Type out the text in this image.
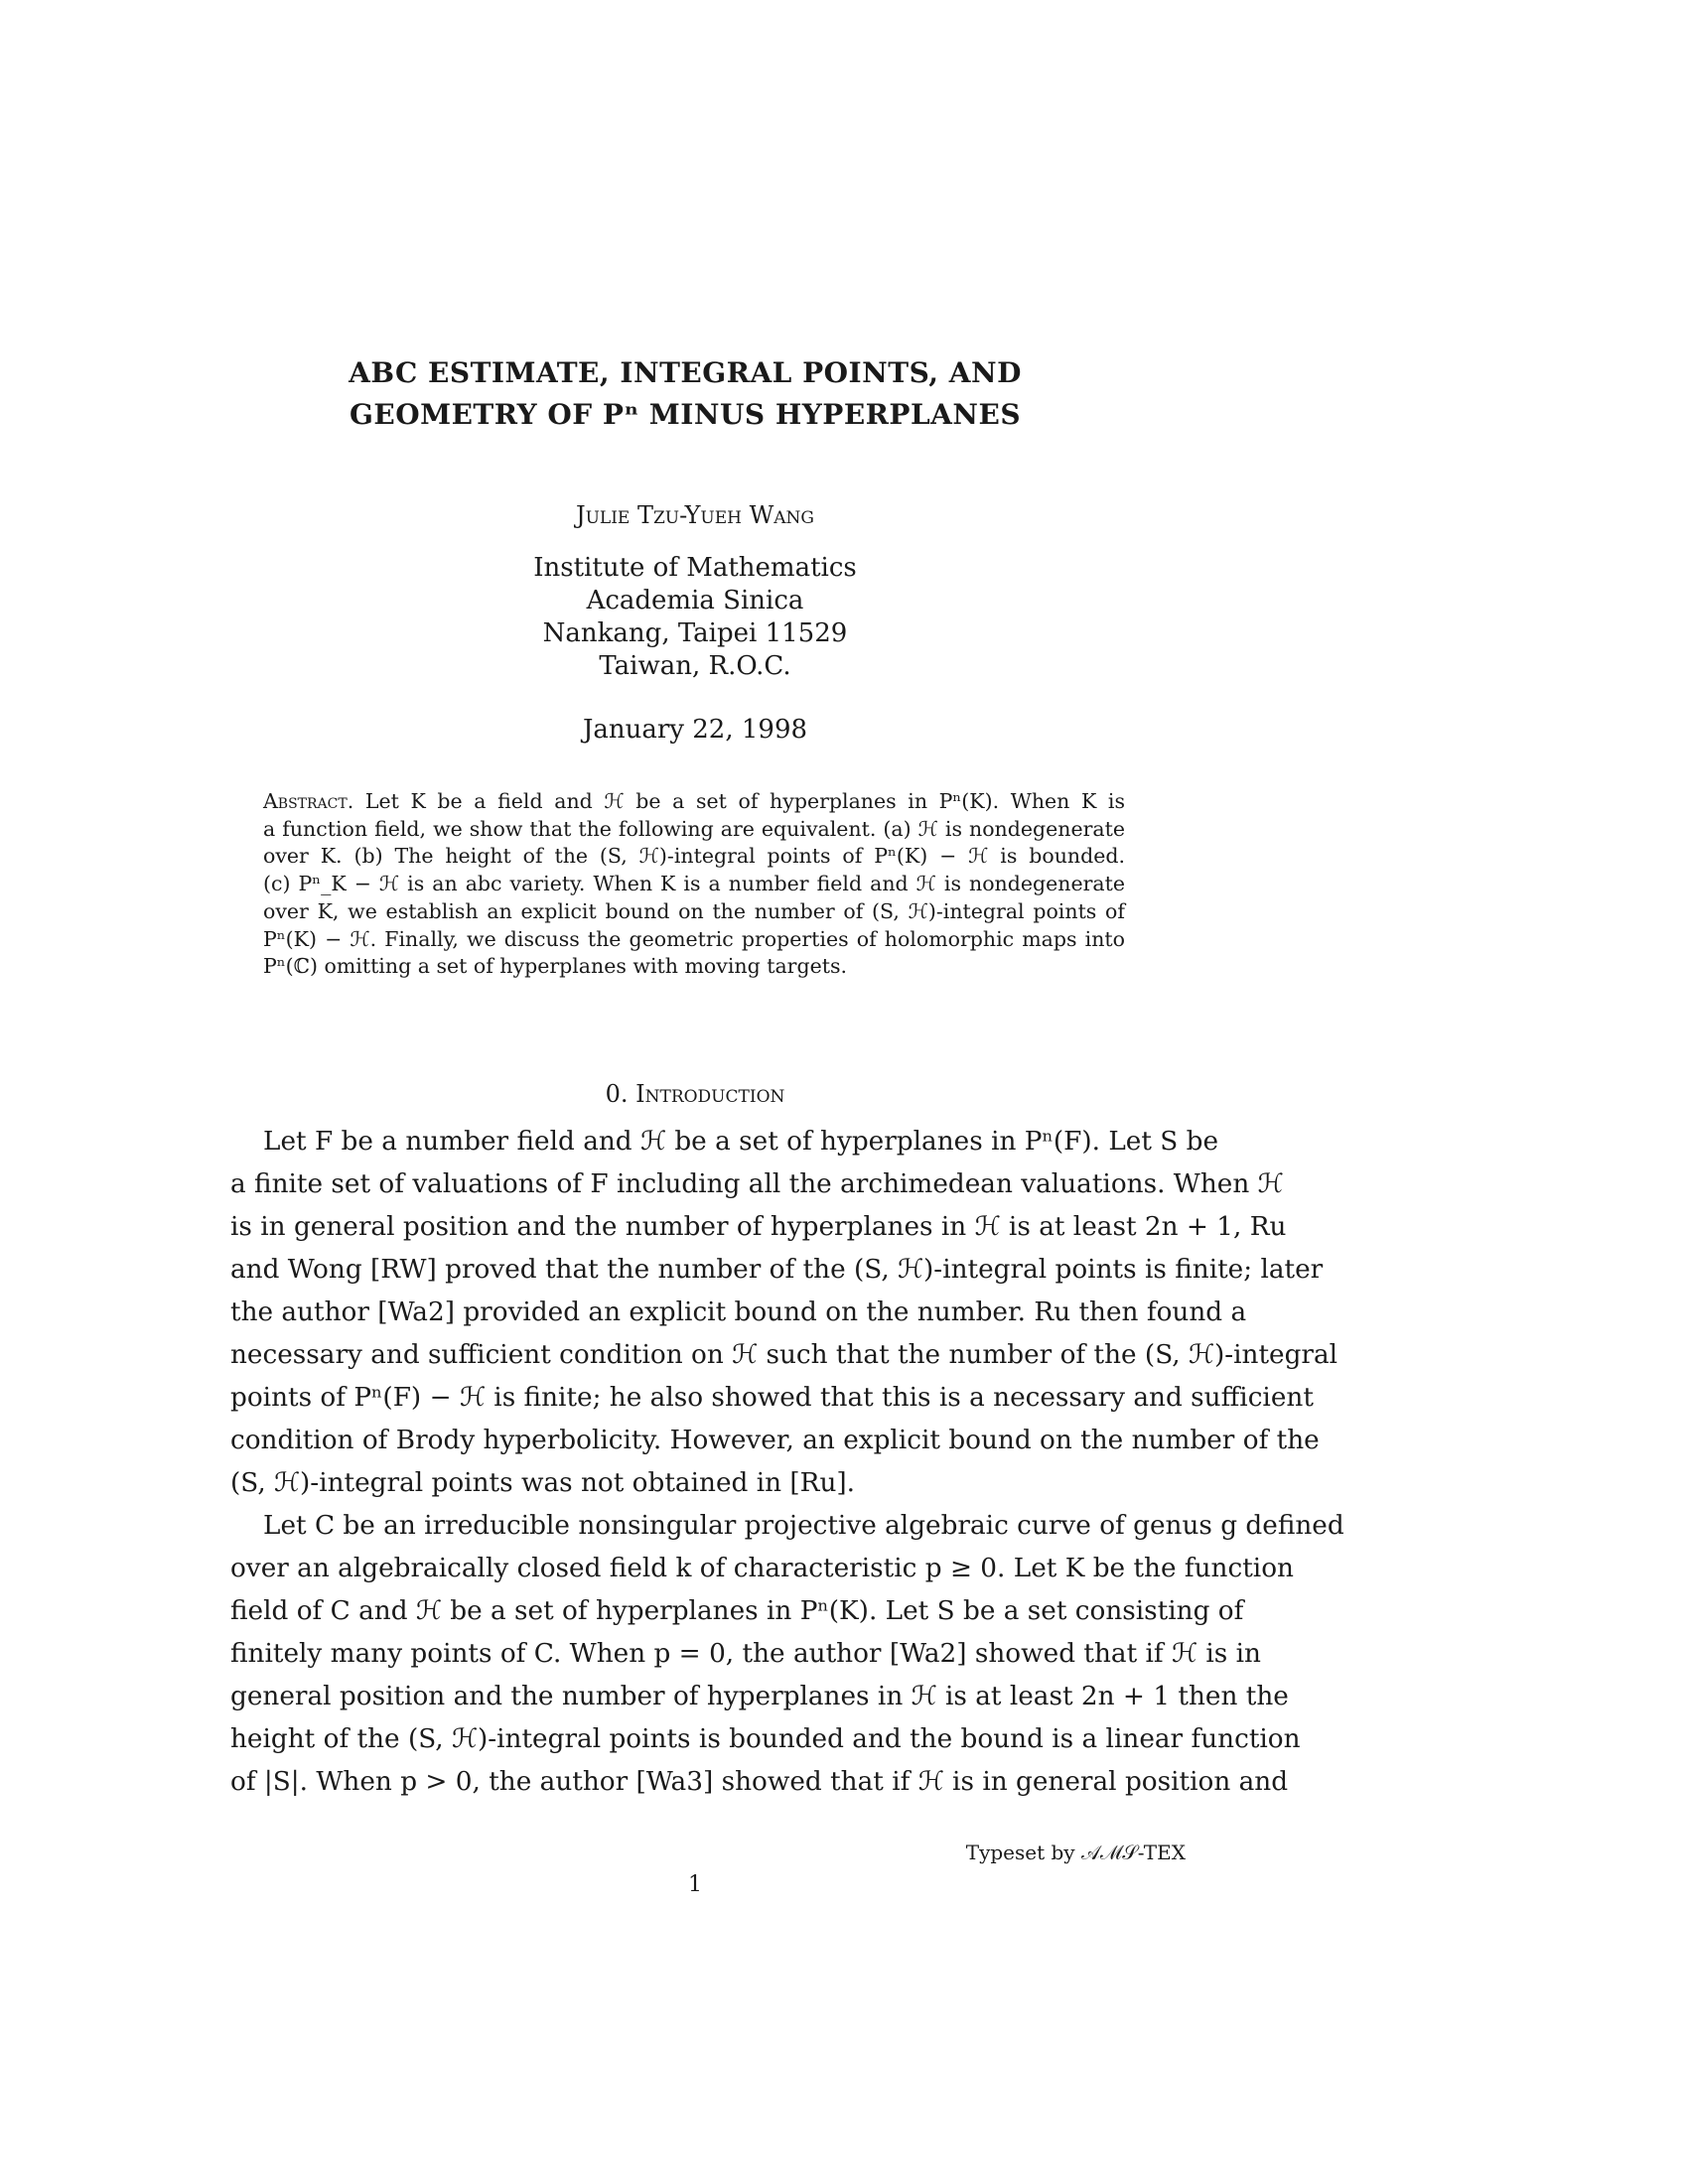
ABC ESTIMATE, INTEGRAL POINTS, AND
GEOMETRY OF Pⁿ MINUS HYPERPLANES
Julie Tzu-Yueh Wang
Institute of Mathematics
Academia Sinica
Nankang, Taipei 11529
Taiwan, R.O.C.
January 22, 1998
Abstract. Let K be a field and ℋ be a set of hyperplanes in Pⁿ(K). When K is
a function field, we show that the following are equivalent. (a) ℋ is nondegenerate
over K. (b) The height of the (S, ℋ)-integral points of Pⁿ(K) − ℋ is bounded.
(c) Pⁿ_K − ℋ is an abc variety. When K is a number field and ℋ is nondegenerate
over K, we establish an explicit bound on the number of (S, ℋ)-integral points of
Pⁿ(K) − ℋ. Finally, we discuss the geometric properties of holomorphic maps into
Pⁿ(ℂ) omitting a set of hyperplanes with moving targets.
0. Introduction
Let F be a number field and ℋ be a set of hyperplanes in Pⁿ(F). Let S be
a finite set of valuations of F including all the archimedean valuations. When ℋ
is in general position and the number of hyperplanes in ℋ is at least 2n + 1, Ru
and Wong [RW] proved that the number of the (S, ℋ)-integral points is finite; later
the author [Wa2] provided an explicit bound on the number. Ru then found a
necessary and sufficient condition on ℋ such that the number of the (S, ℋ)-integral
points of Pⁿ(F) − ℋ is finite; he also showed that this is a necessary and sufficient
condition of Brody hyperbolicity. However, an explicit bound on the number of the
(S, ℋ)-integral points was not obtained in [Ru].
Let C be an irreducible nonsingular projective algebraic curve of genus g defined
over an algebraically closed field k of characteristic p ≥ 0. Let K be the function
field of C and ℋ be a set of hyperplanes in Pⁿ(K). Let S be a set consisting of
finitely many points of C. When p = 0, the author [Wa2] showed that if ℋ is in
general position and the number of hyperplanes in ℋ is at least 2n + 1 then the
height of the (S, ℋ)-integral points is bounded and the bound is a linear function
of |S|. When p > 0, the author [Wa3] showed that if ℋ is in general position and
Typeset by 𝒜ℳ𝒮-TEX
1
